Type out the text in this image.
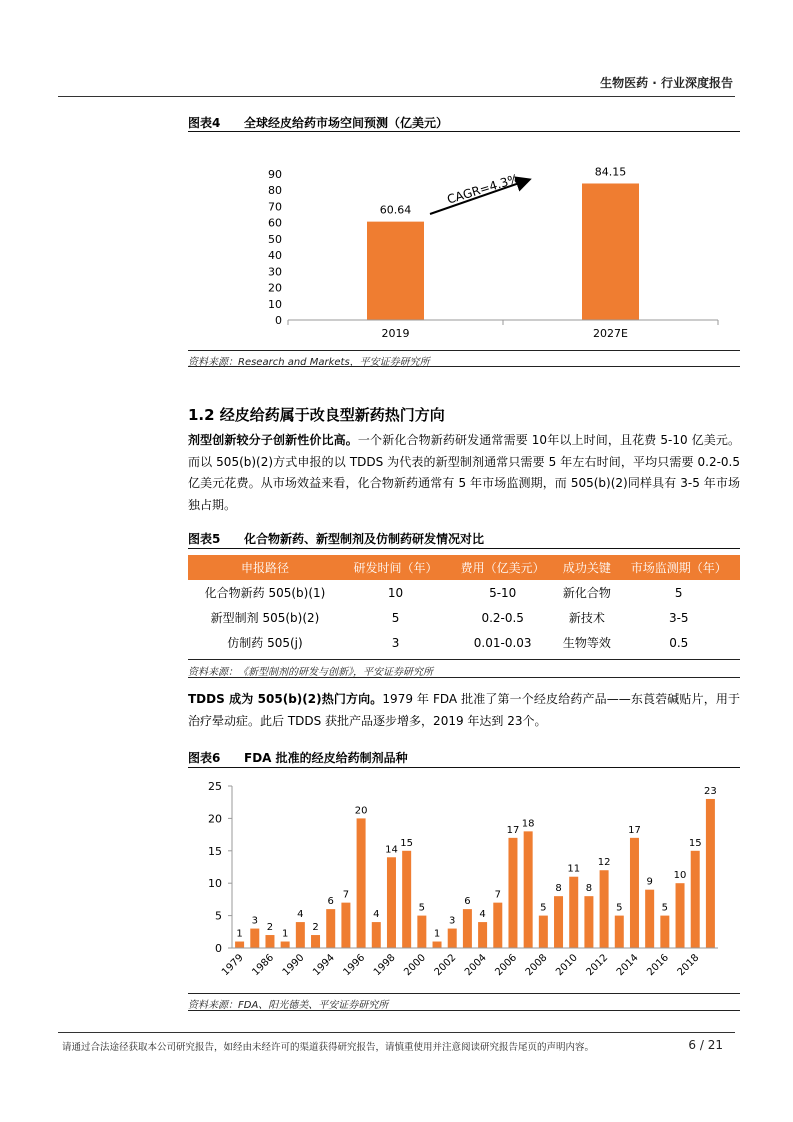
生物医药 · 行业深度报告
图表4 全球经皮给药市场空间预测（亿美元）
0
10
20
30
40
50
60
70
80
90
60.64
84.15
2019	2027E
CAGR=4.3%
资料来源：Research and Markets，平安证券研究所
1.2 经皮给药属于改良型新药热门方向
剂型创新较分子创新性价比高。一个新化合物新药研发通常需要 10年以上时间，且花费 5-10 亿美元。而以 505(b)(2)方式申报的以 TDDS 为代表的新型制剂通常只需要 5 年左右时间，平均只需要 0.2-0.5 亿美元花费。从市场效益来看，化合物新药通常有 5 年市场监测期，而 505(b)(2)同样具有 3-5 年市场独占期。
图表5 化合物新药、新型制剂及仿制药研发情况对比
申报路径	研发时间（年）	费用（亿美元）	成功关键	市场监测期（年）
化合物新药 505(b)(1)	10	5-10	新化合物	5
新型制剂 505(b)(2)	5	0.2-0.5	新技术	3-5
仿制药 505(j)	3	0.01-0.03	生物等效	0.5
资料来源：《新型制剂的研发与创新》，平安证券研究所
TDDS 成为 505(b)(2)热门方向。1979 年 FDA 批准了第一个经皮给药产品——东莨菪碱贴片，用于治疗晕动症。此后 TDDS 获批产品逐步增多，2019 年达到 23个。
图表6 FDA 批准的经皮给药制剂品种
0
5
10
15
20
25
1
3
2
1
4
2
6
7
20
4
14
15
5
1
3
6
4
7
17
18
5
8
11
8
12
5
17
9
5
10
15
23
1979 1986 1990 1994 1996 1998 2000 2002 2004 2006 2008 2010 2012 2014 2016 2018
资料来源：FDA、阳光德美、平安证券研究所
请通过合法途径获取本公司研究报告，如经由未经许可的渠道获得研究报告，请慎重使用并注意阅读研究报告尾页的声明内容。	6 / 21
